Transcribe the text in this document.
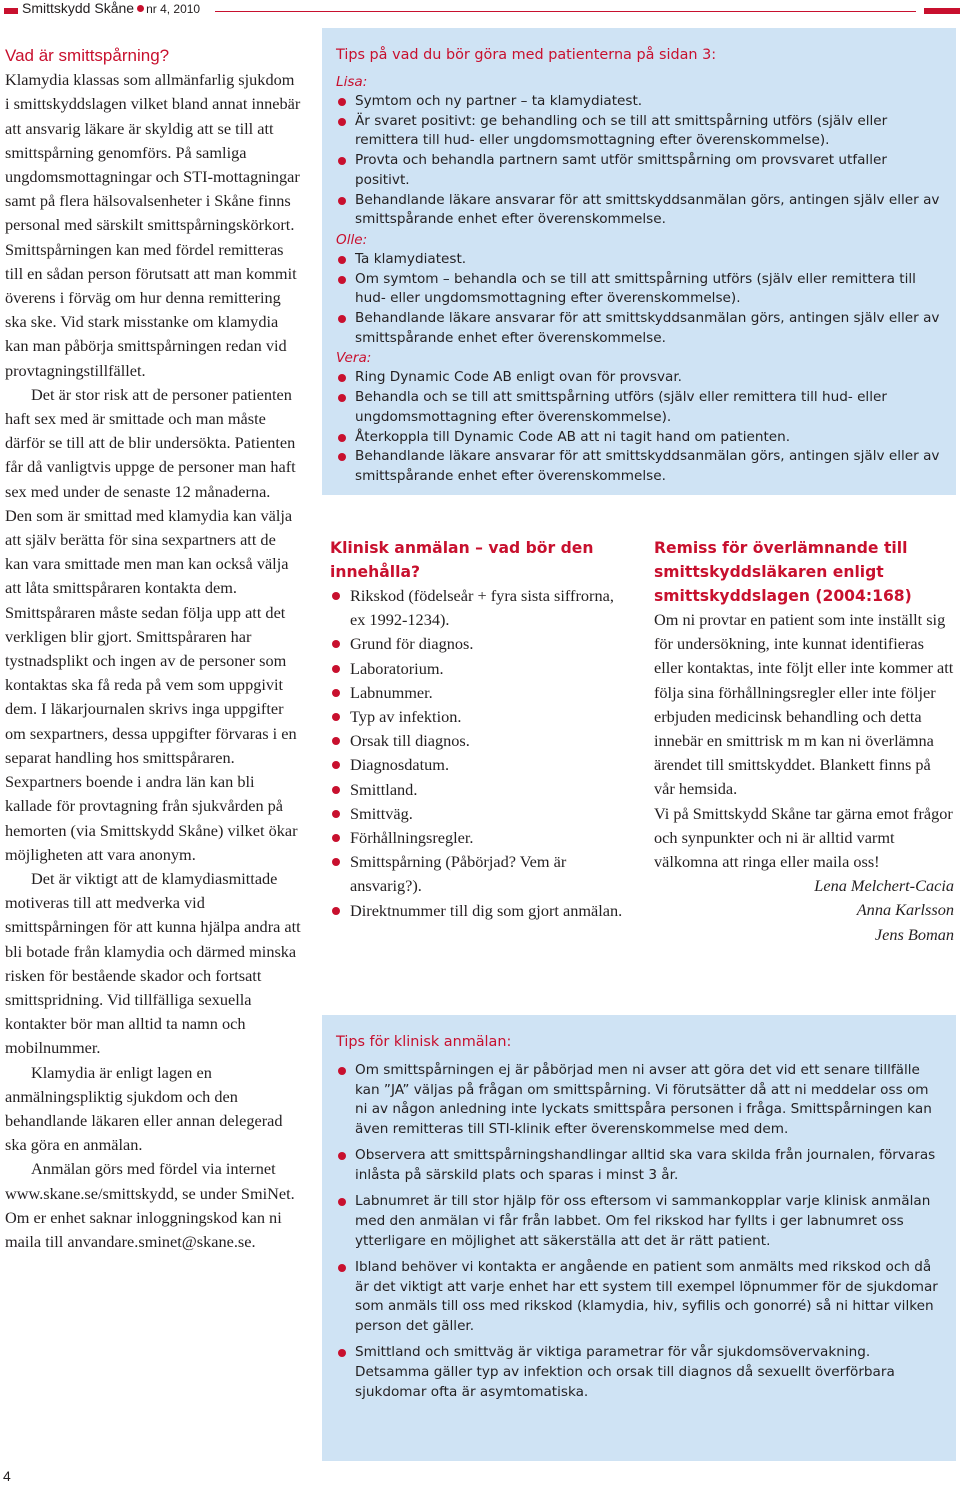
Smittskydd Skåne nr 4, 2010

Vad är smittspårning?

Klamydia klassas som allmänfarlig sjukdom i smittskyddslagen vilket bland annat innebär att ansvarig läkare är skyldig att se till att smittspårning genomförs. På samliga ungdomsmottagningar och STI-mottagningar samt på flera hälsovalsenheter i Skåne finns personal med särskilt smittspårningskörkort. Smittspårningen kan med fördel remitteras till en sådan person förutsatt att man kommit överens i förväg om hur denna remittering ska ske. Vid stark misstanke om klamydia kan man påbörja smittspårningen redan vid provtagningstillfället.

Det är stor risk att de personer patienten haft sex med är smittade och man måste därför se till att de blir undersökta. Patienten får då vanligtvis uppge de personer man haft sex med under de senaste 12 månaderna. Den som är smittad med klamydia kan välja att själv berätta för sina sexpartners att de kan vara smittade men man kan också välja att låta smittspåraren kontakta dem. Smittspåraren måste sedan följa upp att det verkligen blir gjort. Smittspåraren har tystnadsplikt och ingen av de personer som kontaktas ska få reda på vem som uppgivit dem. I läkarjournalen skrivs inga uppgifter om sexpartners, dessa uppgifter förvaras i en separat handling hos smittspåraren. Sexpartners boende i andra län kan bli kallade för provtagning från sjukvården på hemorten (via Smittskydd Skåne) vilket ökar möjligheten att vara anonym.

Det är viktigt att de klamydiasmittade motiveras till att medverka vid smittspårningen för att kunna hjälpa andra att bli botade från klamydia och därmed minska risken för bestående skador och fortsatt smittspridning. Vid tillfälliga sexuella kontakter bör man alltid ta namn och mobilnummer.

Klamydia är enligt lagen en anmälningspliktig sjukdom och den behandlande läkaren eller annan delegerad ska göra en anmälan.

Anmälan görs med fördel via internet www.skane.se/smittskydd, se under SmiNet. Om er enhet saknar inloggningskod kan ni maila till anvandare.sminet@skane.se.

Tips på vad du bör göra med patienterna på sidan 3:

Lisa:

Symtom och ny partner – ta klamydiatest.
Är svaret positivt: ge behandling och se till att smittspårning utförs (själv eller remittera till hud- eller ungdomsmottagning efter överenskommelse).
Provta och behandla partnern samt utför smittspårning om provsvaret utfaller positivt.
Behandlande läkare ansvarar för att smittskyddsanmälan görs, antingen själv eller av smittspårande enhet efter överenskommelse.

Olle:

Ta klamydiatest.
Om symtom – behandla och se till att smittspårning utförs (själv eller remittera till hud- eller ungdomsmottagning efter överenskommelse).
Behandlande läkare ansvarar för att smittskyddsanmälan görs, antingen själv eller av smittspårande enhet efter överenskommelse.

Vera:

Ring Dynamic Code AB enligt ovan för provsvar.
Behandla och se till att smittspårning utförs (själv eller remittera till hud- eller ungdomsmottagning efter överenskommelse).
Återkoppla till Dynamic Code AB att ni tagit hand om patienten.
Behandlande läkare ansvarar för att smittskyddsanmälan görs, antingen själv eller av smittspårande enhet efter överenskommelse.

Klinisk anmälan – vad bör den innehålla?

Rikskod (födelseår + fyra sista siffrorna, ex 1992-1234).
Grund för diagnos.
Laboratorium.
Labnummer.
Typ av infektion.
Orsak till diagnos.
Diagnosdatum.
Smittland.
Smittväg.
Förhållningsregler.
Smittspårning (Påbörjad? Vem är ansvarig?).
Direktnummer till dig som gjort anmälan.

Remiss för överlämnande till smittskyddsläkaren enligt smittskyddslagen (2004:168)

Om ni provtar en patient som inte inställt sig för undersökning, inte kunnat identifieras eller kontaktas, inte följt eller inte kommer att följa sina förhållningsregler eller inte följer erbjuden medicinsk behandling och detta innebär en smittrisk m m kan ni överlämna ärendet till smittskyddet. Blankett finns på vår hemsida.

Vi på Smittskydd Skåne tar gärna emot frågor och synpunkter och ni är alltid varmt välkomna att ringa eller maila oss!

Lena Melchert-Cacia

Anna Karlsson

Jens Boman

Tips för klinisk anmälan:

Om smittspårningen ej är påbörjad men ni avser att göra det vid ett senare tillfälle kan ”JA” väljas på frågan om smittspårning. Vi förutsätter då att ni meddelar oss om ni av någon anledning inte lyckats smittspåra personen i fråga. Smittspårningen kan även remitteras till STI-klinik efter överenskommelse med dem.
Observera att smittspårningshandlingar alltid ska vara skilda från journalen, förvaras inlåsta på särskild plats och sparas i minst 3 år.
Labnumret är till stor hjälp för oss eftersom vi sammankopplar varje klinisk anmälan med den anmälan vi får från labbet. Om fel rikskod har fyllts i ger labnumret oss ytterligare en möjlighet att säkerställa att det är rätt patient.
Ibland behöver vi kontakta er angående en patient som anmälts med rikskod och då är det viktigt att varje enhet har ett system till exempel löpnummer för de sjukdomar som anmäls till oss med rikskod (klamydia, hiv, syfilis och gonorré) så ni hittar vilken person det gäller.
Smittland och smittväg är viktiga parametrar för vår sjukdomsövervakning. Detsamma gäller typ av infektion och orsak till diagnos då sexuellt överförbara sjukdomar ofta är asymtomatiska.
4
